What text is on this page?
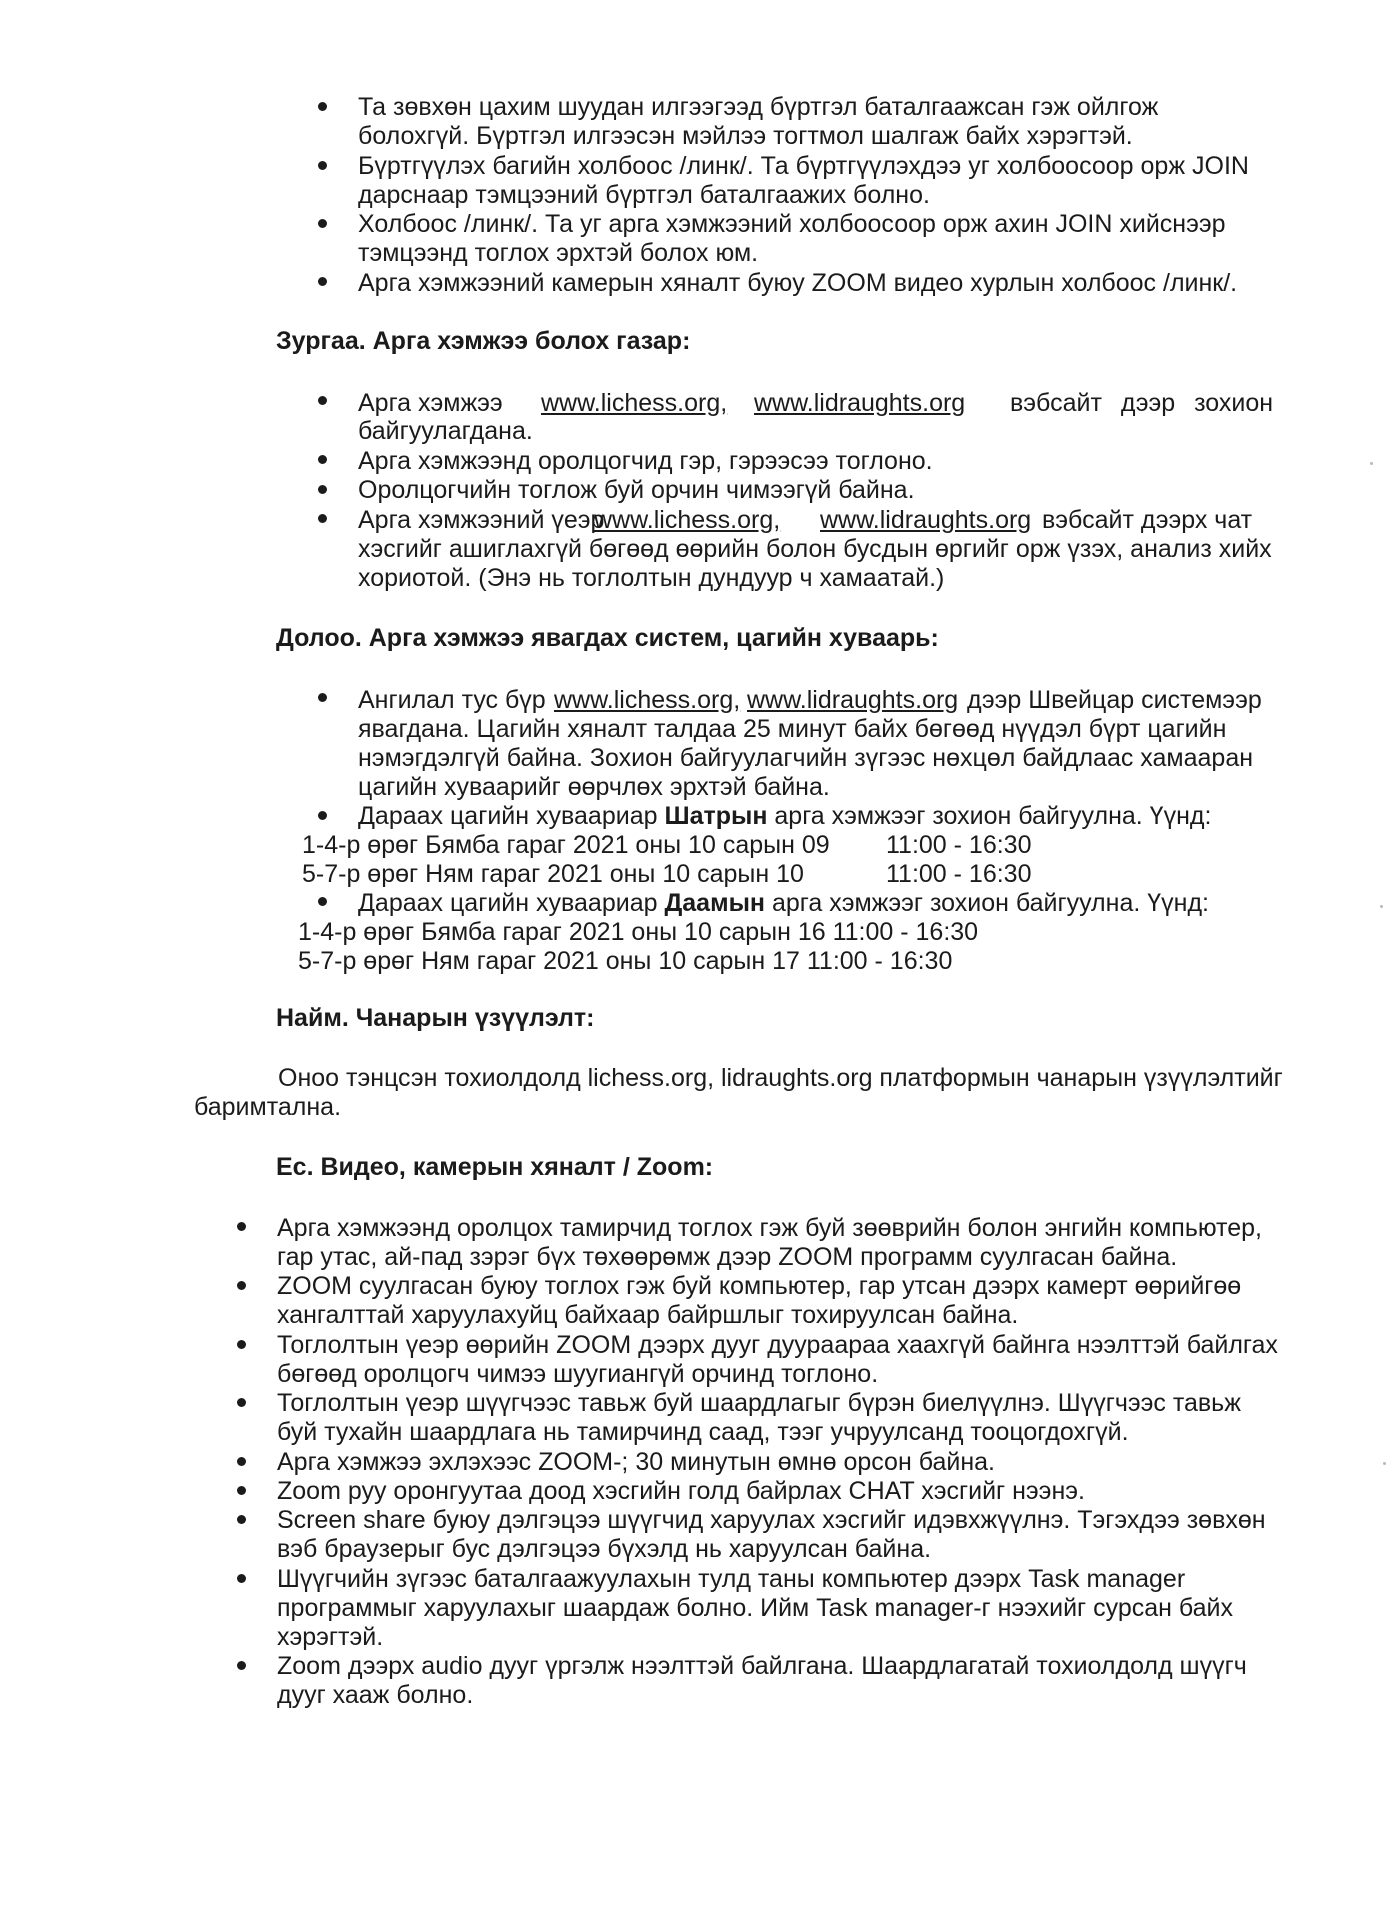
Та зөвхөн цахим шуудан илгээгээд бүртгэл баталгаажсан гэж ойлгож
болохгүй. Бүртгэл илгээсэн мэйлээ тогтмол шалгаж байх хэрэгтэй.
Бүртгүүлэх багийн холбоос /линк/. Та бүртгүүлэхдээ уг холбоосоор орж JOIN
дарснаар тэмцээний бүртгэл баталгаажих болно.
Холбоос /линк/. Та уг арга хэмжээний холбоосоор орж ахин JOIN хийснээр
тэмцээнд тоглох эрхтэй болох юм.
Арга хэмжээний камерын хяналт буюу ZOOM видео хурлын холбоос /линк/.
Зургаа. Арга хэмжээ болох газар:
Арга хэмжээ www.lichess.org, www.lidraughts.org вэбсайт дээр зохион
байгуулагдана.
Арга хэмжээнд оролцогчид гэр, гэрээсээ тоглоно.
Оролцогчийн тоглож буй орчин чимээгүй байна.
Арга хэмжээний үеэр
www.lichess.org, www.lidraughts.org вэбсайт дээрх чат
хэсгийг ашиглахгүй бөгөөд өөрийн болон бусдын өргийг орж үзэх, анализ хийх
хориотой. (Энэ нь тоглолтын дундуур ч хамаатай.)
Долоо. Арга хэмжээ явагдах систем, цагийн хуваарь:
Ангилал тус бүр www.lichess.org, www.lidraughts.org дээр Швейцар системээр
явагдана. Цагийн хяналт талдаа 25 минут байх бөгөөд нүүдэл бүрт цагийн
нэмэгдэлгүй байна. Зохион байгуулагчийн зүгээс нөхцөл байдлаас хамааран
цагийн хуваарийг өөрчлөх эрхтэй байна.
Дараах цагийн хуваариар Шатрын арга хэмжээг зохион байгуулна. Үүнд:
1-4-р өрөг Бямба гараг 2021 оны 10 сарын 09 11:00 - 16:30
5-7-р өрөг Ням гараг 2021 оны 10 сарын 10	11:00 - 16:30
Дараах цагийн хуваариар Даамын арга хэмжээг зохион байгуулна. Үүнд:
1-4-р өрөг Бямба гараг 2021 оны 10 сарын 16 11:00 - 16:30
5-7-р өрөг Ням гараг 2021 оны 10 сарын 17 11:00 - 16:30
Найм. Чанарын үзүүлэлт:
Оноо тэнцсэн тохиолдолд lichess.org, lidraughts.org платформын чанарын үзүүлэлтийг
баримтална.
Ес. Видео, камерын хяналт / Zoom:
Арга хэмжээнд оролцох тамирчид тоглох гэж буй зөөврийн болон энгийн компьютер,
гар утас, ай-пад зэрэг бүх төхөөрөмж дээр ZOOM программ суулгасан байна.
ZOOM суулгасан буюу тоглох гэж буй компьютер, гар утсан дээрх камерт өөрийгөө
хангалттай харуулахуйц байхаар байршлыг тохируулсан байна.
Тоглолтын үеэр өөрийн ZOOM дээрх дууг дуураараа хаахгүй байнга нээлттэй байлгах
бөгөөд оролцогч чимээ шуугиангүй орчинд тоглоно.
Тоглолтын үеэр шүүгчээс тавьж буй шаардлагыг бүрэн биелүүлнэ. Шүүгчээс тавьж
буй тухайн шаардлага нь тамирчинд саад, тээг учруулсанд тооцогдохгүй.
Арга хэмжээ эхлэхээс ZOOM-; 30 минутын өмнө орсон байна.
Zoom руу оронгуутаа доод хэсгийн голд байрлах CHAT хэсгийг нээнэ.
Screen share буюу дэлгэцээ шүүгчид харуулах хэсгийг идэвхжүүлнэ. Тэгэхдээ зөвхөн
вэб браузерыг бус дэлгэцээ бүхэлд нь харуулсан байна.
Шүүгчийн зүгээс баталгаажуулахын тулд таны компьютер дээрх Task manager
программыг харуулахыг шаардаж болно. Ийм Task manager-г нээхийг сурсан байх
хэрэгтэй.
Zoom дээрх audio дууг үргэлж нээлттэй байлгана. Шаардлагатай тохиолдолд шүүгч
дууг хааж болно.
